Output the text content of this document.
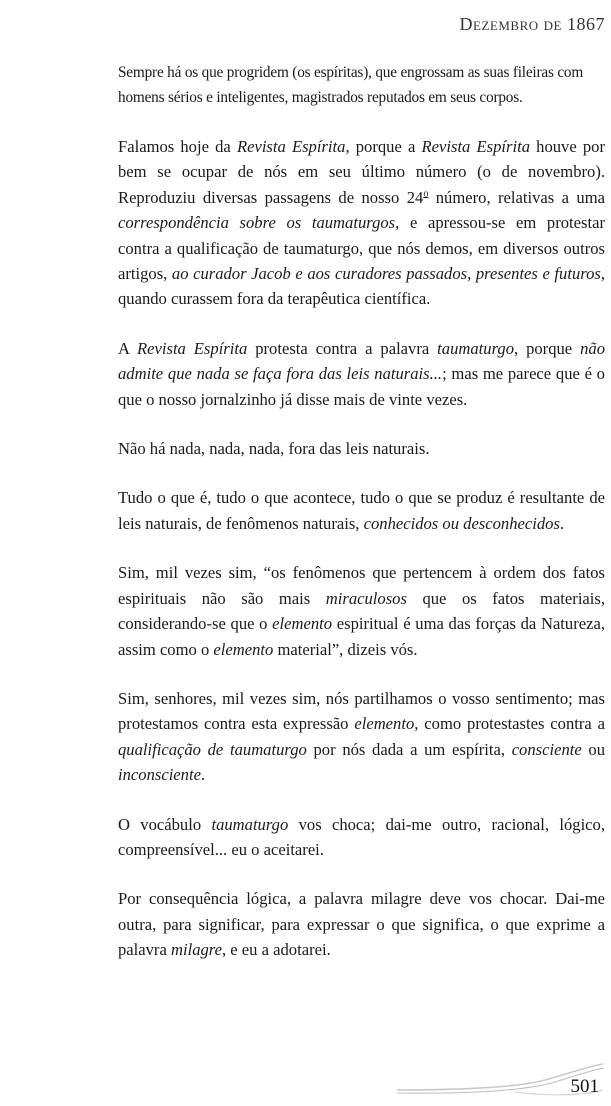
Dezembro de 1867

Sempre há os que progridem (os espíritas), que engrossam as suas fileiras com homens sérios e inteligentes, magistrados reputados em seus corpos.

Falamos hoje da Revista Espírita, porque a Revista Espírita houve por bem se ocupar de nós em seu último número (o de novembro). Reproduziu diversas passagens de nosso 24$^o$ número, relativas a uma correspondência sobre os taumaturgos, e apressou-se em protestar contra a qualificação de taumaturgo, que nós demos, em diversos outros artigos, ao curador Jacob e aos curadores passados, presentes e futuros, quando curassem fora da terapêutica científica.

A Revista Espírita protesta contra a palavra taumaturgo, porque não admite que nada se faça fora das leis naturais...; mas me parece que é o que o nosso jornalzinho já disse mais de vinte vezes.

Não há nada, nada, nada, fora das leis naturais.

Tudo o que é, tudo o que acontece, tudo o que se produz é resultante de leis naturais, de fenômenos naturais, conhecidos ou desconhecidos.

Sim, mil vezes sim, “os fenômenos que pertencem à ordem dos fatos espirituais não são mais miraculosos que os fatos materiais, considerando-se que o elemento espiritual é uma das forças da Natureza, assim como o elemento material”, dizeis vós.

Sim, senhores, mil vezes sim, nós partilhamos o vosso sentimento; mas protestamos contra esta expressão elemento, como protestastes contra a qualificação de taumaturgo por nós dada a um espírita, consciente ou inconsciente.

O vocábulo taumaturgo vos choca; dai-me outro, racional, lógico, compreensível... eu o aceitarei.

Por consequência lógica, a palavra milagre deve vos chocar. Dai-me outra, para significar, para expressar o que significa, o que exprime a palavra milagre, e eu a adotarei.

501
